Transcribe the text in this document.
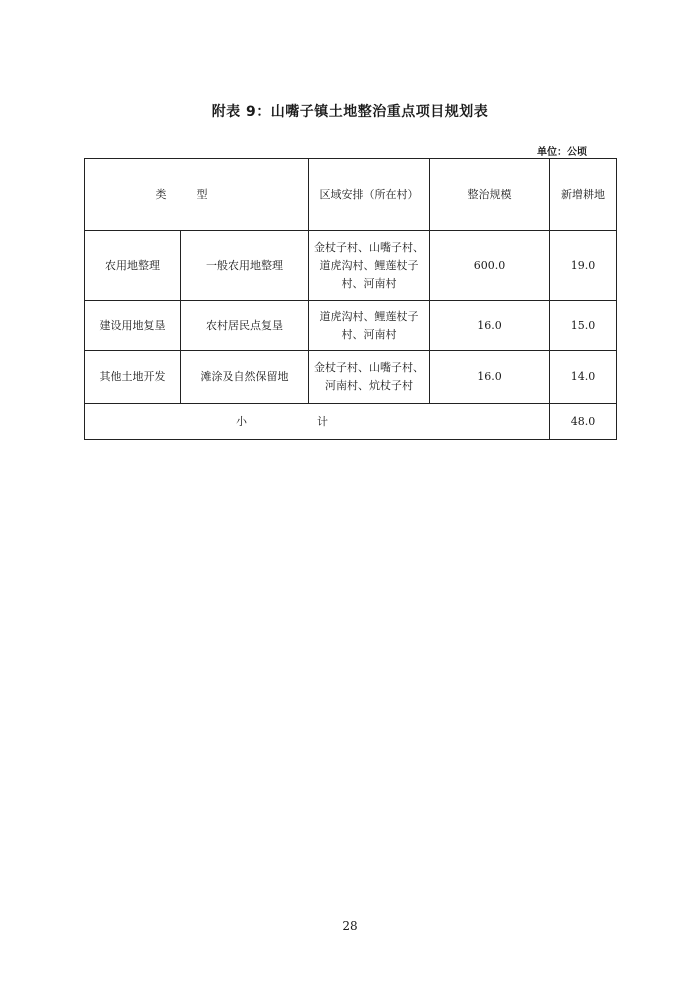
附表 9：山嘴子镇土地整治重点项目规划表
单位：公顷
类型		区域安排（所在村）	整治规模	新增耕地
农用地整理	一般农用地整理	金杖子村、山嘴子村、道虎沟村、鲤莲杖子村、河南村	600.0	19.0
建设用地复垦	农村居民点复垦	道虎沟村、鲤莲杖子村、河南村	16.0	15.0
其他土地开发	滩涂及自然保留地	金杖子村、山嘴子村、河南村、炕杖子村	16.0	14.0
小计				48.0
28
